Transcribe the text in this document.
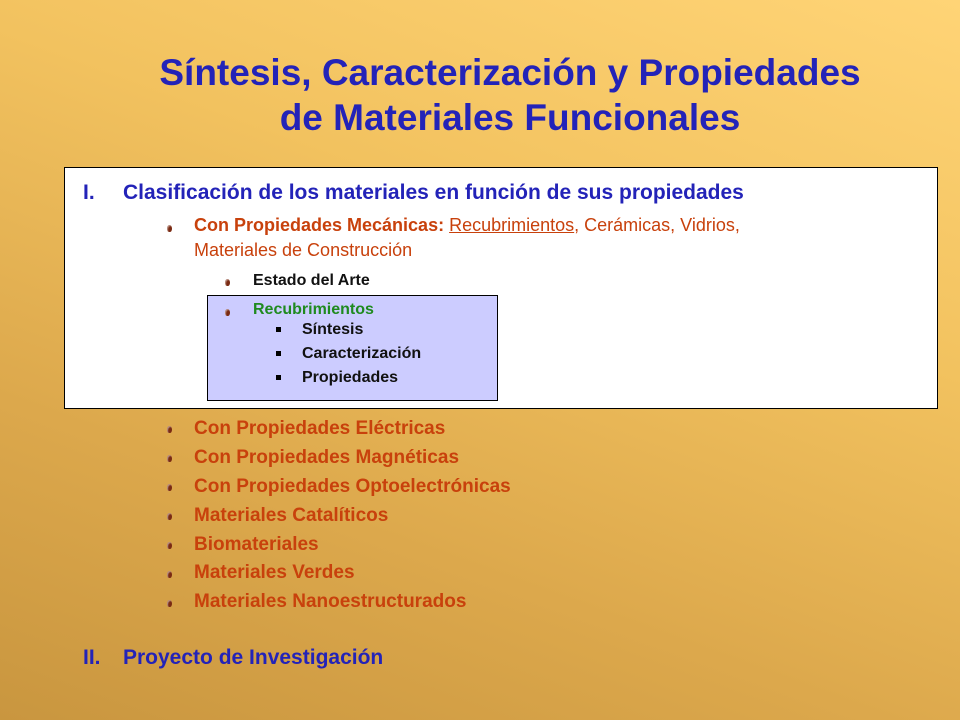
Síntesis, Caracterización y Propiedades
de Materiales Funcionales
I. Clasificación de los materiales en función de sus propiedades
Con Propiedades Mecánicas: Recubrimientos, Cerámicas, Vidrios,
Materiales de Construcción
Estado del Arte
Recubrimientos
Síntesis
Caracterización
Propiedades
Con Propiedades Eléctricas
Con Propiedades Magnéticas
Con Propiedades Optoelectrónicas
Materiales Catalíticos
Biomateriales
Materiales Verdes
Materiales Nanoestructurados
II. Proyecto de Investigación
